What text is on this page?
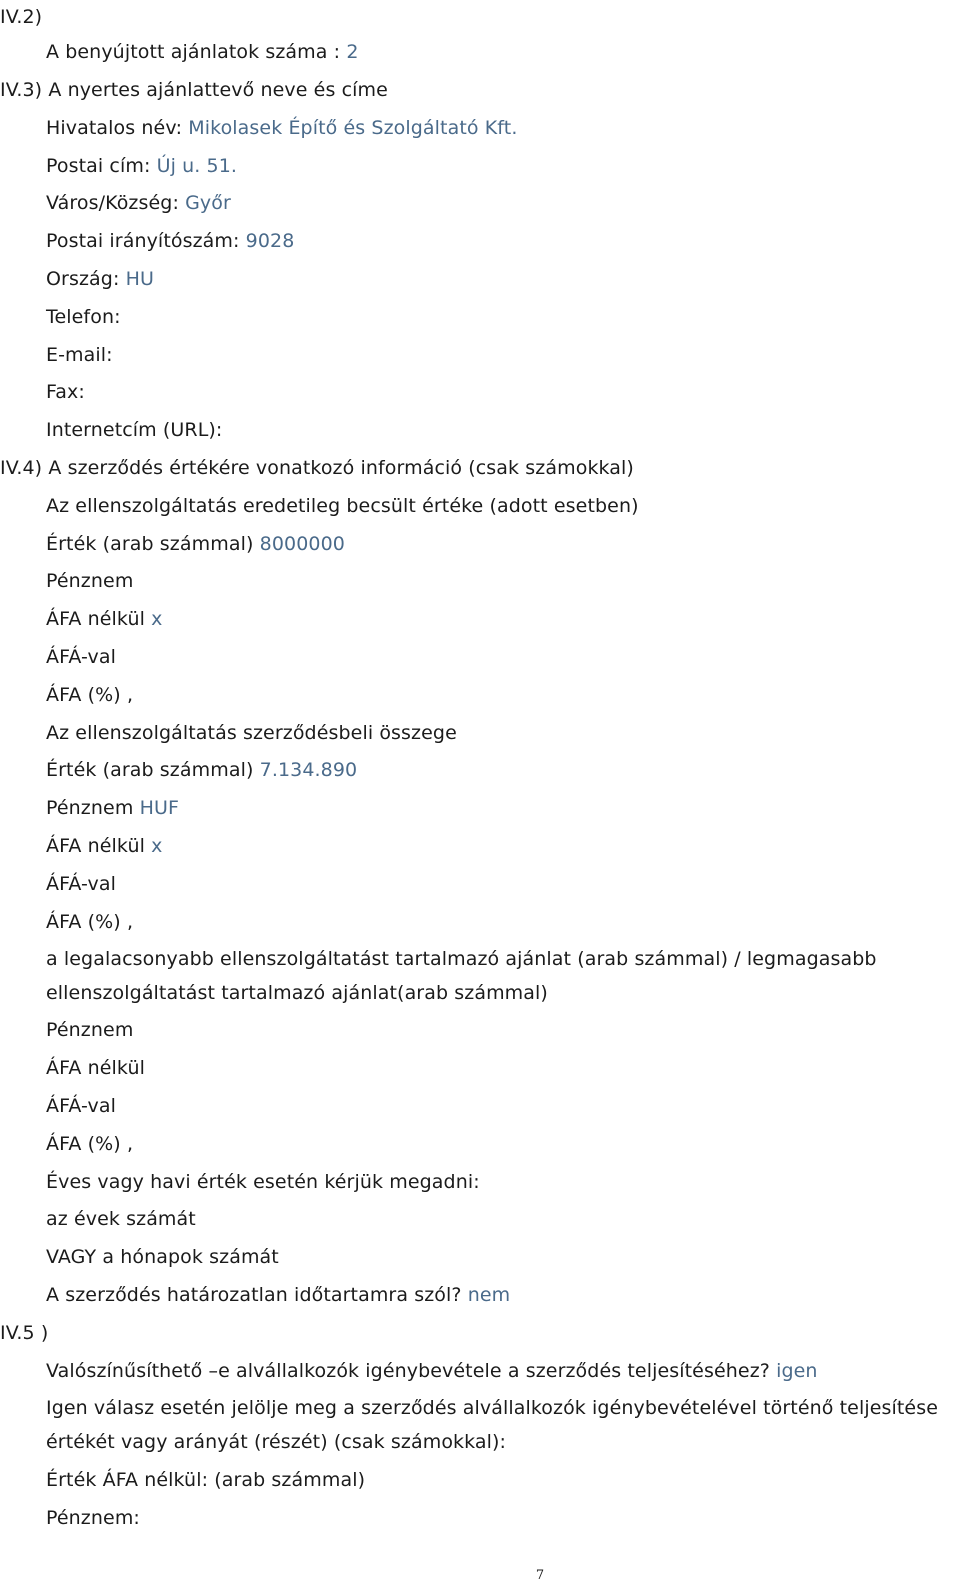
IV.2)
A benyújtott ajánlatok száma : 2
IV.3) A nyertes ajánlattevő neve és címe
Hivatalos név: Mikolasek Építő és Szolgáltató Kft.
Postai cím: Új u. 51.
Város/Község: Győr
Postai irányítószám: 9028
Ország: HU
Telefon:
E-mail:
Fax:
Internetcím (URL):
IV.4) A szerződés értékére vonatkozó információ (csak számokkal)
Az ellenszolgáltatás eredetileg becsült értéke (adott esetben)
Érték (arab számmal) 8000000
Pénznem
ÁFA nélkül x
ÁFÁ-val
ÁFA (%) ,
Az ellenszolgáltatás szerződésbeli összege
Érték (arab számmal) 7.134.890
Pénznem HUF
ÁFA nélkül x
ÁFÁ-val
ÁFA (%) ,
a legalacsonyabb ellenszolgáltatást tartalmazó ajánlat (arab számmal) / legmagasabb
ellenszolgáltatást tartalmazó ajánlat(arab számmal)
Pénznem
ÁFA nélkül
ÁFÁ-val
ÁFA (%) ,
Éves vagy havi érték esetén kérjük megadni:
az évek számát
VAGY a hónapok számát
A szerződés határozatlan időtartamra szól? nem
IV.5 )
Valószínűsíthető –e alvállalkozók igénybevétele a szerződés teljesítéséhez? igen
Igen válasz esetén jelölje meg a szerződés alvállalkozók igénybevételével történő teljesítése
értékét vagy arányát (részét) (csak számokkal):
Érték ÁFA nélkül: (arab számmal)
Pénznem:
7
